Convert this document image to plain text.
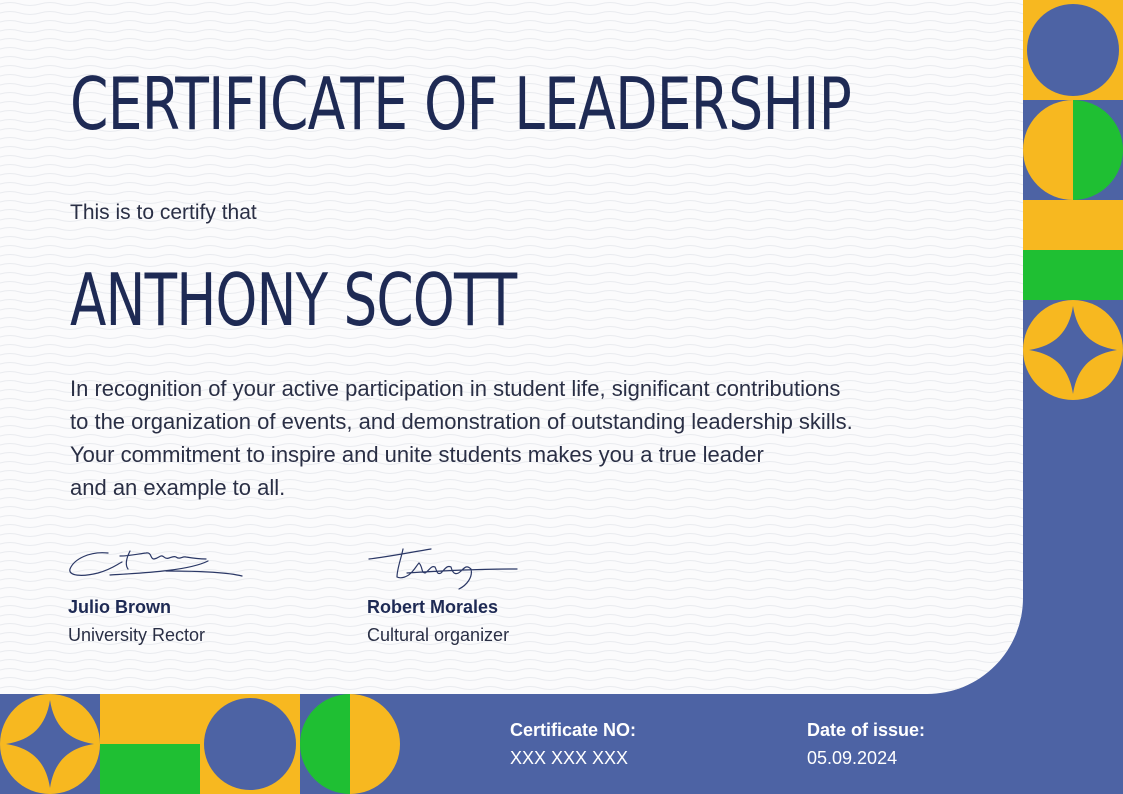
CERTIFICATE OF LEADERSHIP
This is to certify that
ANTHONY SCOTT

In recognition of your active participation in student life, significant contributions
to the organization of events, and demonstration of outstanding leadership skills.
Your commitment to inspire and unite students makes you a true leader
and an example to all.

Julio Brown
University Rector
Robert Morales
Cultural organizer
Certificate NO:
XXX XXX XXX
Date of issue:
05.09.2024
